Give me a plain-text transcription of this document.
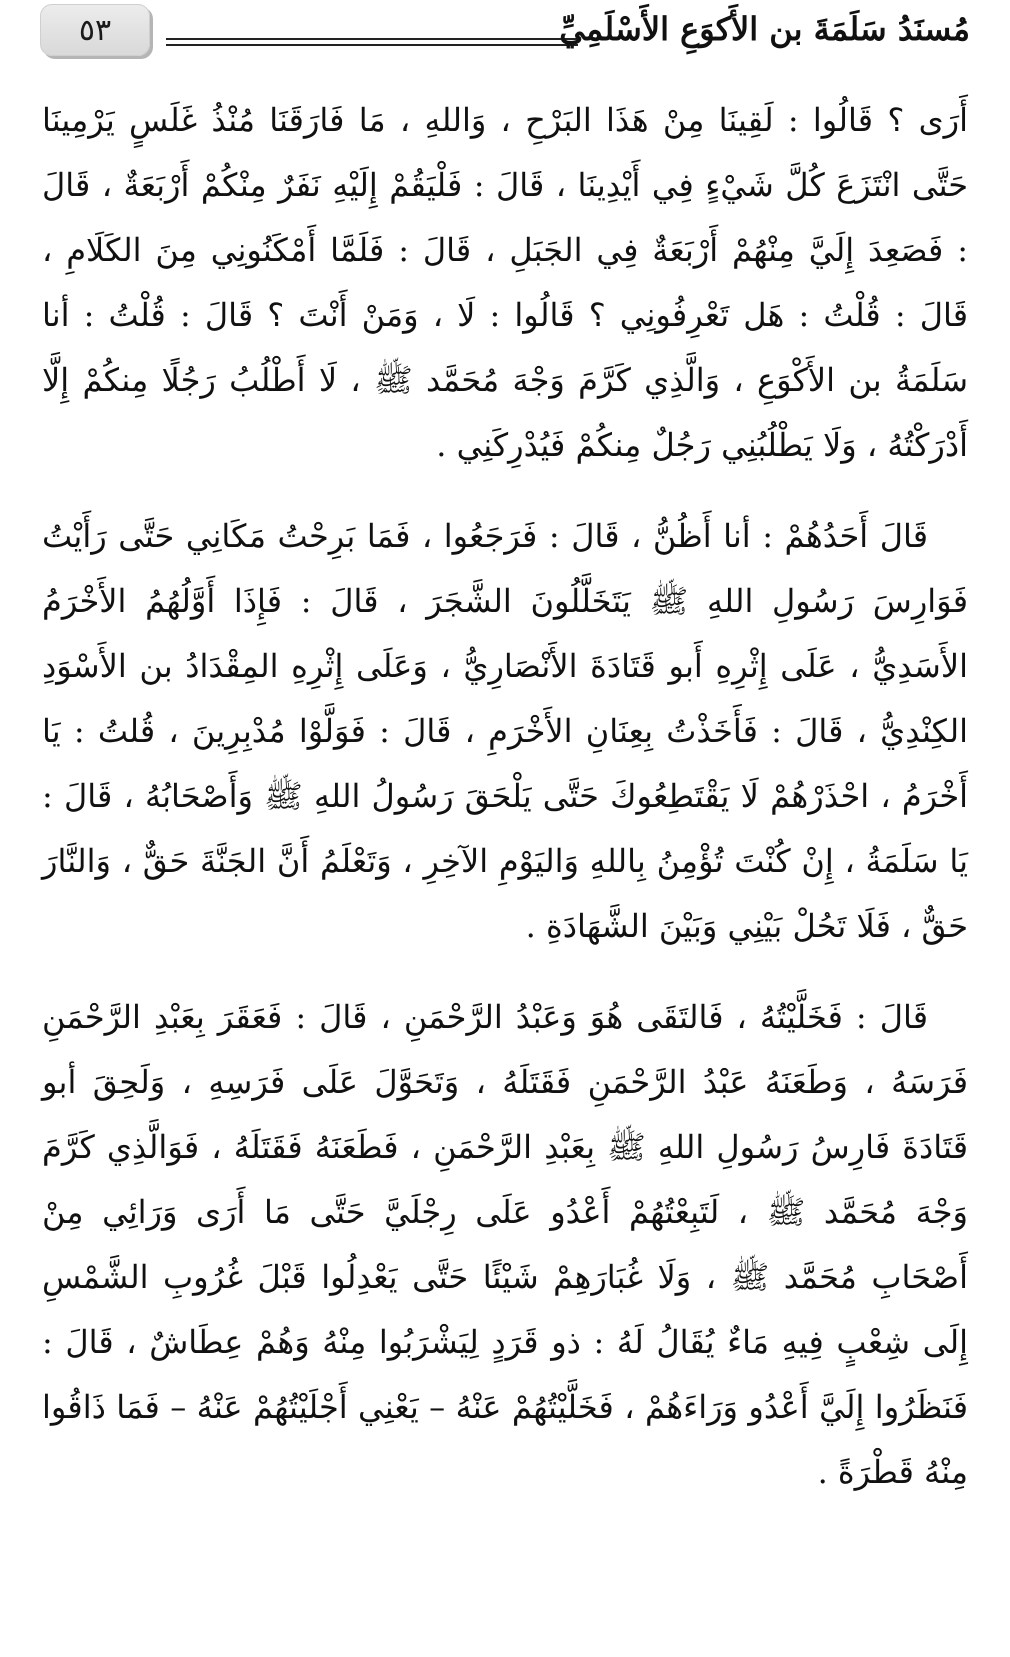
٥٣	مُسنَدُ سَلَمَةَ بن الأَكوَعِ الأَسْلَمِيِّ

أَرَى ؟ قَالُوا : لَقِينَا مِنْ هَذَا البَرْحِ ، وَاللهِ ، مَا فَارَقَنَا مُنْذُ غَلَسٍ يَرْمِينَا حَتَّى انْتَزَعَ كُلَّ شَيْءٍ فِي أَيْدِينَا ، قَالَ : فَلْيَقُمْ إِلَيْهِ نَفَرٌ مِنْكُمْ أَرْبَعَةٌ ، قَالَ : فَصَعِدَ إِلَيَّ مِنْهُمْ أَرْبَعَةٌ فِي الجَبَلِ ، قَالَ : فَلَمَّا أَمْكَنُونِي مِنَ الكَلَامِ ، قَالَ : قُلْتُ : هَل تَعْرِفُونِي ؟ قَالُوا : لَا ، وَمَنْ أَنْتَ ؟ قَالَ : قُلْتُ : أنا سَلَمَةُ بن الأَكْوَعِ ، وَالَّذِي كَرَّمَ وَجْهَ مُحَمَّد ﷺ ، لَا أَطْلُبُ رَجُلًا مِنكُمْ إِلَّا أَدْرَكْتُهُ ، وَلَا يَطْلُبُنِي رَجُلٌ مِنكُمْ فَيُدْرِكَنِي .

قَالَ أَحَدُهُمْ : أنا أَظُنُّ ، قَالَ : فَرَجَعُوا ، فَمَا بَرِحْتُ مَكَانِي حَتَّى رَأَيْتُ فَوَارِسَ رَسُولِ اللهِ ﷺ يَتَخَلَّلُونَ الشَّجَرَ ، قَالَ : فَإِذَا أَوَّلُهُمُ الأَخْرَمُ الأَسَدِيُّ ، عَلَى إِثْرِهِ أَبو قَتَادَةَ الأَنْصَارِيُّ ، وَعَلَى إِثْرِهِ المِقْدَادُ بن الأَسْوَدِ الكِنْدِيُّ ، قَالَ : فَأَخَذْتُ بِعِنَانِ الأَخْرَمِ ، قَالَ : فَوَلَّوْا مُدْبِرِينَ ، قُلتُ : يَا أَخْرَمُ ، احْذَرْهُمْ لَا يَقْتَطِعُوكَ حَتَّى يَلْحَقَ رَسُولُ اللهِ ﷺ وَأَصْحَابُهُ ، قَالَ : يَا سَلَمَةُ ، إِنْ كُنْتَ تُؤْمِنُ بِاللهِ وَاليَوْمِ الآخِرِ ، وَتَعْلَمُ أَنَّ الجَنَّةَ حَقٌّ ، وَالنَّارَ حَقٌّ ، فَلَا تَحُلْ بَيْنِي وَبَيْنَ الشَّهَادَةِ .

قَالَ : فَخَلَّيْتُهُ ، فَالتَقَى هُوَ وَعَبْدُ الرَّحْمَنِ ، قَالَ : فَعَقَرَ بِعَبْدِ الرَّحْمَنِ فَرَسَهُ ، وَطَعَنَهُ عَبْدُ الرَّحْمَنِ فَقَتَلَهُ ، وَتَحَوَّلَ عَلَى فَرَسِهِ ، وَلَحِقَ أبو قَتَادَةَ فَارِسُ رَسُولِ اللهِ ﷺ بِعَبْدِ الرَّحْمَنِ ، فَطَعَنَهُ فَقَتَلَهُ ، فَوَالَّذِي كَرَّمَ وَجْهَ مُحَمَّد ﷺ ، لَتَبِعْتُهُمْ أَعْدُو عَلَى رِجْلَيَّ حَتَّى مَا أَرَى وَرَائِي مِنْ أَصْحَابِ مُحَمَّد ﷺ ، وَلَا غُبَارَهِمْ شَيْئًا حَتَّى يَعْدِلُوا قَبْلَ غُرُوبِ الشَّمْسِ إِلَى شِعْبٍ فِيهِ مَاءٌ يُقَالُ لَهُ : ذو قَرَدٍ لِيَشْرَبُوا مِنْهُ وَهُمْ عِطَاشٌ ، قَالَ : فَنَظَرُوا إِلَيَّ أَعْدُو وَرَاءَهُمْ ، فَخَلَّيْتُهُمْ عَنْهُ – يَعْنِي أَجْلَيْتُهُمْ عَنْهُ – فَمَا ذَاقُوا مِنْهُ قَطْرَةً .
